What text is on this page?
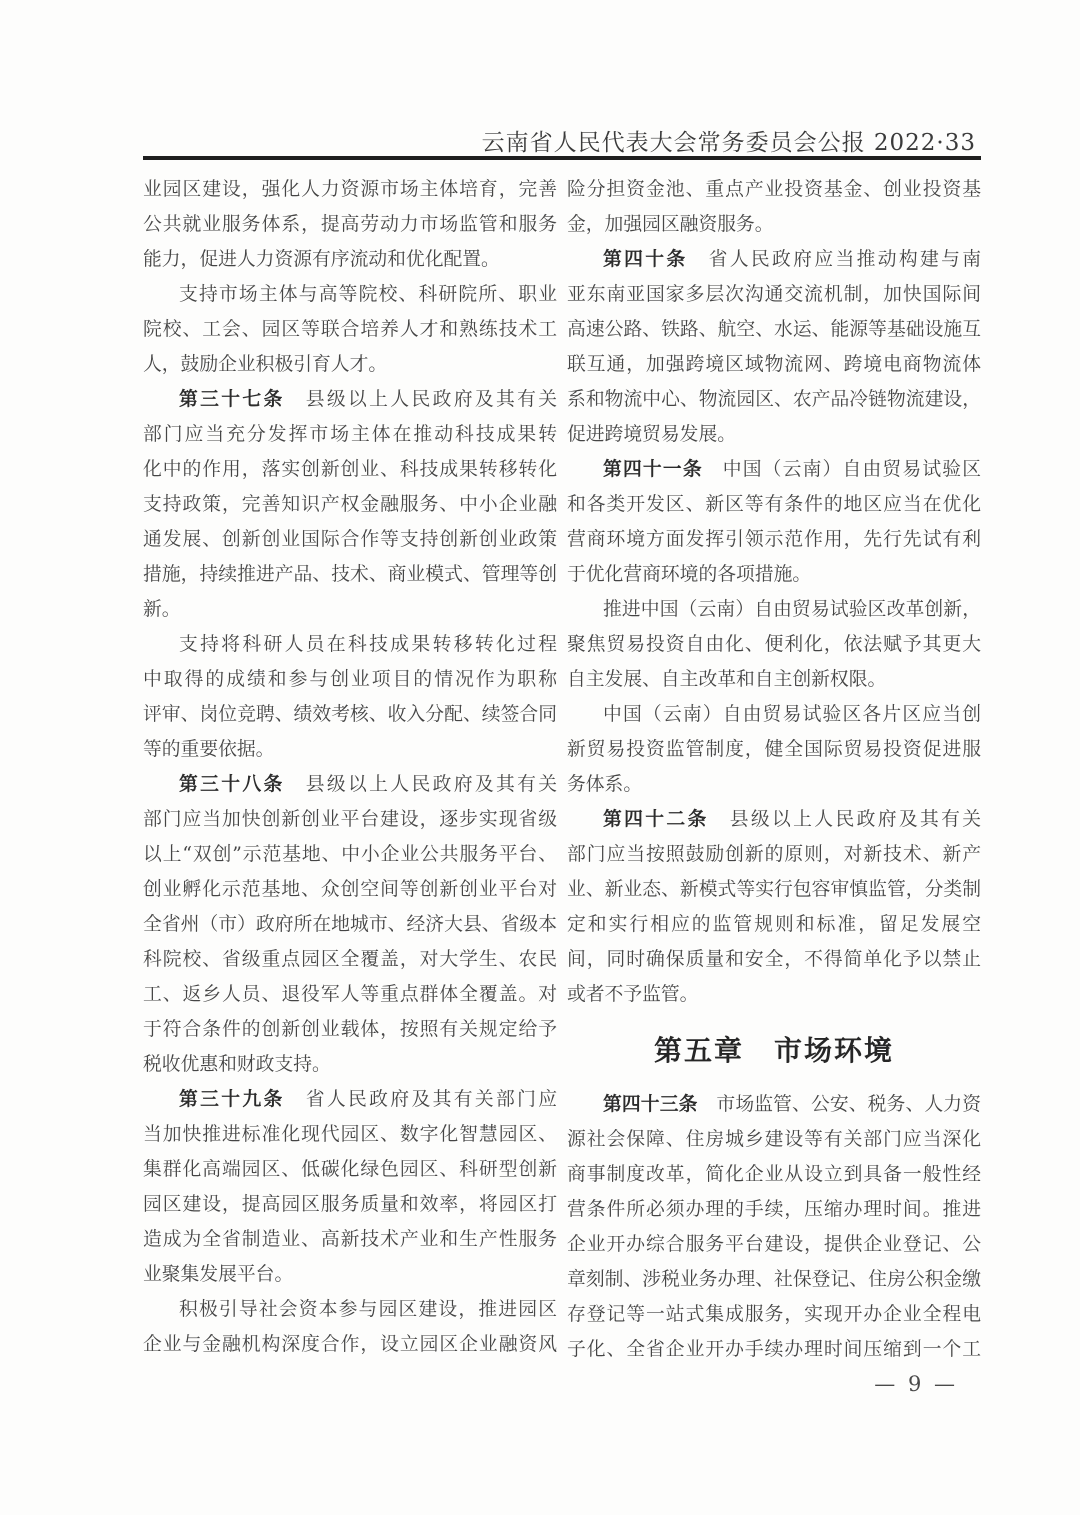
云南省人民代表大会常务委员会公报 2022·33
业园区建设，强化人力资源市场主体培育，完善
公共就业服务体系，提高劳动力市场监管和服务
能力，促进人力资源有序流动和优化配置。
支持市场主体与高等院校、科研院所、职业
院校、工会、园区等联合培养人才和熟练技术工
人，鼓励企业积极引育人才。
第三十七条　县级以上人民政府及其有关
部门应当充分发挥市场主体在推动科技成果转
化中的作用，落实创新创业、科技成果转移转化
支持政策，完善知识产权金融服务、中小企业融
通发展、创新创业国际合作等支持创新创业政策
措施，持续推进产品、技术、商业模式、管理等创
新。
支持将科研人员在科技成果转移转化过程
中取得的成绩和参与创业项目的情况作为职称
评审、岗位竞聘、绩效考核、收入分配、续签合同
等的重要依据。
第三十八条　县级以上人民政府及其有关
部门应当加快创新创业平台建设，逐步实现省级
以上“双创”示范基地、中小企业公共服务平台、
创业孵化示范基地、众创空间等创新创业平台对
全省州（市）政府所在地城市、经济大县、省级本
科院校、省级重点园区全覆盖，对大学生、农民
工、返乡人员、退役军人等重点群体全覆盖。对
于符合条件的创新创业载体，按照有关规定给予
税收优惠和财政支持。
第三十九条　省人民政府及其有关部门应
当加快推进标准化现代园区、数字化智慧园区、
集群化高端园区、低碳化绿色园区、科研型创新
园区建设，提高园区服务质量和效率，将园区打
造成为全省制造业、高新技术产业和生产性服务
业聚集发展平台。
积极引导社会资本参与园区建设，推进园区
企业与金融机构深度合作，设立园区企业融资风
险分担资金池、重点产业投资基金、创业投资基
金，加强园区融资服务。
第四十条　省人民政府应当推动构建与南
亚东南亚国家多层次沟通交流机制，加快国际间
高速公路、铁路、航空、水运、能源等基础设施互
联互通，加强跨境区域物流网、跨境电商物流体
系和物流中心、物流园区、农产品冷链物流建设，
促进跨境贸易发展。
第四十一条　中国（云南）自由贸易试验区
和各类开发区、新区等有条件的地区应当在优化
营商环境方面发挥引领示范作用，先行先试有利
于优化营商环境的各项措施。
推进中国（云南）自由贸易试验区改革创新，
聚焦贸易投资自由化、便利化，依法赋予其更大
自主发展、自主改革和自主创新权限。
中国（云南）自由贸易试验区各片区应当创
新贸易投资监管制度，健全国际贸易投资促进服
务体系。
第四十二条　县级以上人民政府及其有关
部门应当按照鼓励创新的原则，对新技术、新产
业、新业态、新模式等实行包容审慎监管，分类制
定和实行相应的监管规则和标准，留足发展空
间，同时确保质量和安全，不得简单化予以禁止
或者不予监管。
第五章　市场环境
第四十三条　市场监管、公安、税务、人力资
源社会保障、住房城乡建设等有关部门应当深化
商事制度改革，简化企业从设立到具备一般性经
营条件所必须办理的手续，压缩办理时间。推进
企业开办综合服务平台建设，提供企业登记、公
章刻制、涉税业务办理、社保登记、住房公积金缴
存登记等一站式集成服务，实现开办企业全程电
子化、全省企业开办手续办理时间压缩到一个工
— 9 —
